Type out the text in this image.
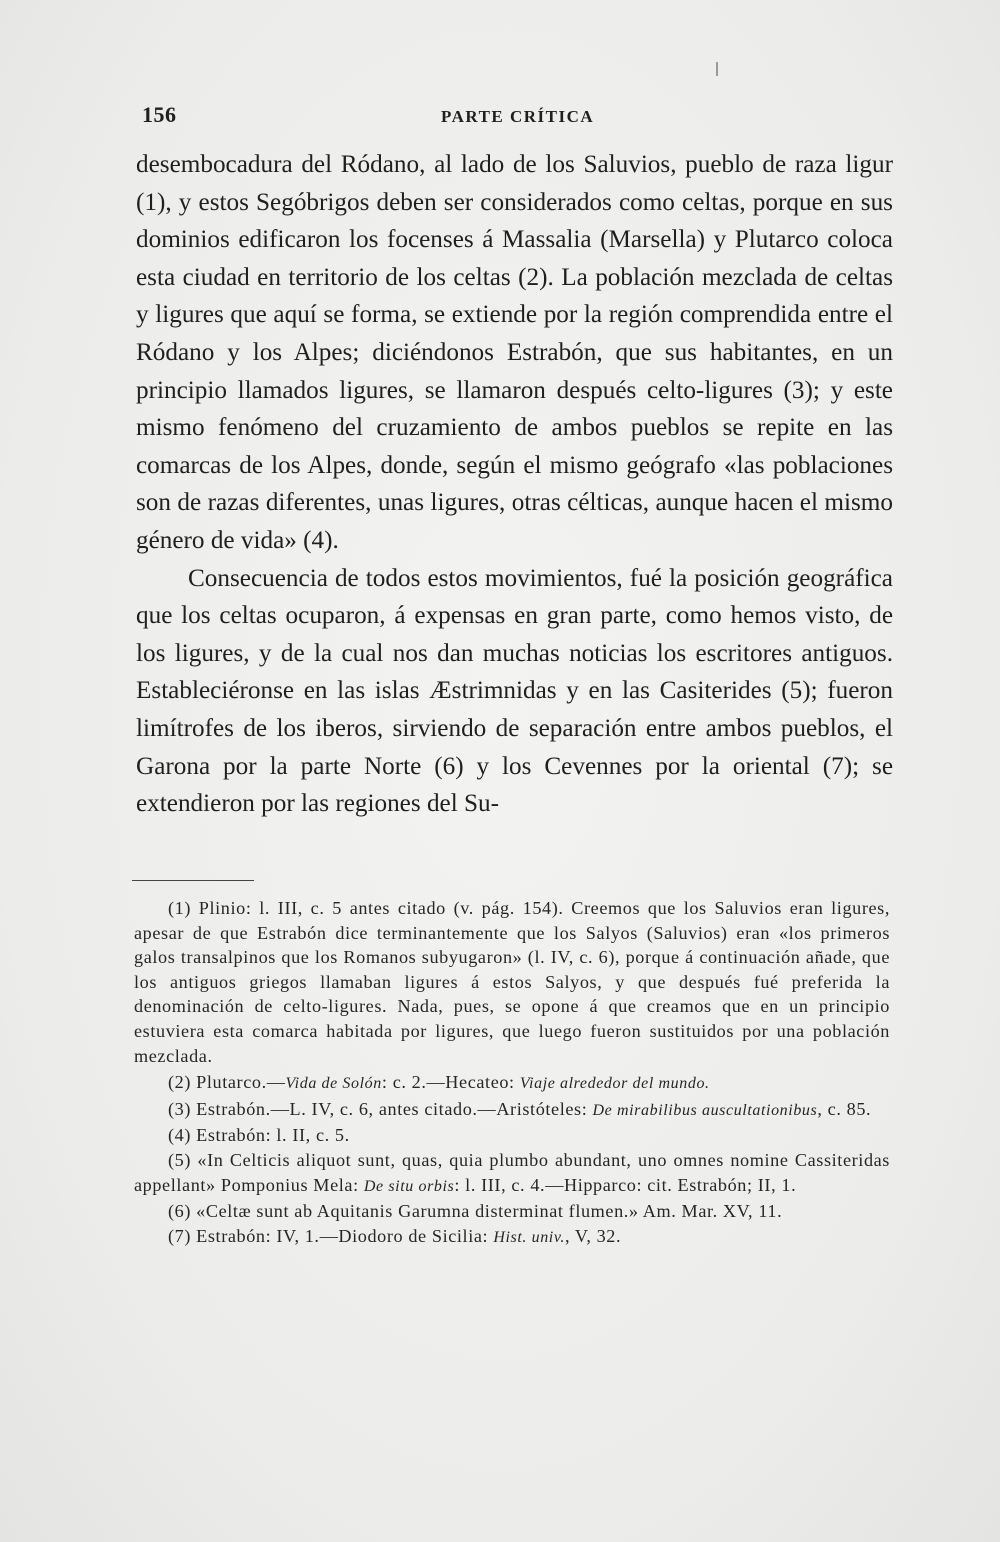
156	PARTE CRÍTICA

desembocadura del Ródano, al lado de los Saluvios, pueblo de raza ligur (1), y estos Segóbrigos deben ser considerados como celtas, porque en sus dominios edificaron los focenses á Massalia (Marsella) y Plutarco coloca esta ciudad en territorio de los celtas (2). La población mezclada de celtas y ligures que aquí se forma, se extiende por la región comprendida entre el Ródano y los Alpes; diciéndonos Estrabón, que sus habitantes, en un principio llamados ligures, se llamaron después celto-ligures (3); y este mismo fenómeno del cruzamiento de ambos pueblos se repite en las comarcas de los Alpes, donde, según el mismo geógrafo «las poblaciones son de razas diferentes, unas ligures, otras célticas, aunque hacen el mismo género de vida» (4).

Consecuencia de todos estos movimientos, fué la posición geográfica que los celtas ocuparon, á expensas en gran parte, como hemos visto, de los ligures, y de la cual nos dan muchas noticias los escritores antiguos. Estableciéronse en las islas Æstrimnidas y en las Casiterides (5); fueron limítrofes de los iberos, sirviendo de separación entre ambos pueblos, el Garona por la parte Norte (6) y los Cevennes por la oriental (7); se extendieron por las regiones del Su-

(1) Plinio: l. III, c. 5 antes citado (v. pág. 154). Creemos que los Saluvios eran ligures, apesar de que Estrabón dice terminantemente que los Salyos (Saluvios) eran «los primeros galos transalpinos que los Romanos subyugaron» (l. IV, c. 6), porque á continuación añade, que los antiguos griegos llamaban ligures á estos Salyos, y que después fué preferida la denominación de celto-ligures. Nada, pues, se opone á que creamos que en un principio estuviera esta comarca habitada por ligures, que luego fueron sustituidos por una población mezclada.

(2) Plutarco.—Vida de Solón: c. 2.—Hecateo: Viaje alrededor del mundo.

(3) Estrabón.—L. IV, c. 6, antes citado.—Aristóteles: De mirabilibus auscultationibus, c. 85.

(4) Estrabón: l. II, c. 5.

(5) «In Celticis aliquot sunt, quas, quia plumbo abundant, uno omnes nomine Cassiteridas appellant» Pomponius Mela: De situ orbis: l. III, c. 4.—Hipparco: cit. Estrabón; II, 1.

(6) «Celtæ sunt ab Aquitanis Garumna disterminat flumen.» Am. Mar. XV, 11.

(7) Estrabón: IV, 1.—Diodoro de Sicilia: Hist. univ., V, 32.
